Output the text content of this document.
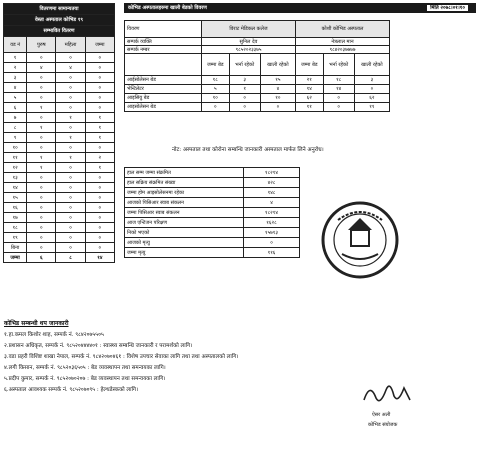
वितरणमा सामान्यतया			
वेस्ता अस्पताल कोभिड १९			
सम्भावित वितरण			
वड नं	पुरुष	महिला	जम्मा
१	०	०	०
२	४	४	०
३	०	०	०
४	०	०	०
५	०	०	०
६	१	०	०
७	०	१	१
८	१	०	१
९	०	१	१
१०	०	०	०
११	१	१	२
१२	१	०	१
१३	०	०	०
१४	०	०	०
१५	०	०	०
१६	०	०	०
१७	०	०	०
१८	०	०	०
१९	०	०	०
बिना	०	०	०
जम्मा	६	८	१४
कोभिड अस्पतालहरुमा खाली बेडको विवरण	मिति २०७८।०१।१०
विवरण	विराट मेडिकल कलेज			कोशी कोभिड अस्पताल		
सम्पर्क व्यक्ति	सुनिल देव			नेत्रलाल मान		
सम्पर्क नम्बर	९८५२०२३३७५			९८४२०३७७७७		
	जम्मा बेड	भर्ना रहेको	खाली रहेको	जम्मा बेड	भर्ना रहेको	खाली रहेको
आईसोलेसन बेड	१८	३	१५	२१	१८	३
भेन्टिलेटर	५	१	४	१४	१४	०
आइसियु बेड	१०	०	१०	६२	०	६२
आइसोलेसन बेड	०	०	०	११	०	११
नोट: अस्पताल तथा कोरोना सम्बन्धि जानकारी अस्पताल मार्फत लिने अनुरोध।
हाल सम्म जम्मा संक्रमित	१८२१४
हाल सक्रिय संक्रमित संख्या	४२८
जम्मा होम आइसोलेसनमा रहेका	१४८
आजको पिसिआर स्वाब संकलन	४
जम्मा पिसिआर स्वाब संकलन	१८२१४
आज एन्टिजन परिक्षण	१६२८
निको भएको	१५७१३
आजको मृत्यु	०
जम्मा मृत्यु	११६
कोभिड सम्बन्धी थप जानकारी
१.हा.कमल किशोर शाह, सम्पर्क नं. ९८४२०७५५०५
२.प्रशासन अधिकृत, सम्पर्क नं. ९८५२०४४४४०१ : स्वास्थ्य सम्बन्धि जानकारी र परामर्शको लागि।
३.वडा प्रहरी विशिष्ट शाखा नेपाल, सम्पर्क नं. ९८४२०७०४६१ : विशेष उपचार सेवाका लागि तथा तथा अस्पतालको लागि।
४.लगी किसान, सम्पर्क नं. ९८५२०३६५०५ : बेड व्यवस्थापन तथा समन्वयका लागि।
५.प्रदीप कुमार, सम्पर्क नं. ९८५२०७०२०७ : बेड व्यवस्थापन तथा समन्वयका लागि।
६.अस्पताल आवश्यक सम्पर्क नं. ९८५२०७०९५ : हेल्थडेस्कको लागि।
ऐसर अली
कोभिड संयोजक
